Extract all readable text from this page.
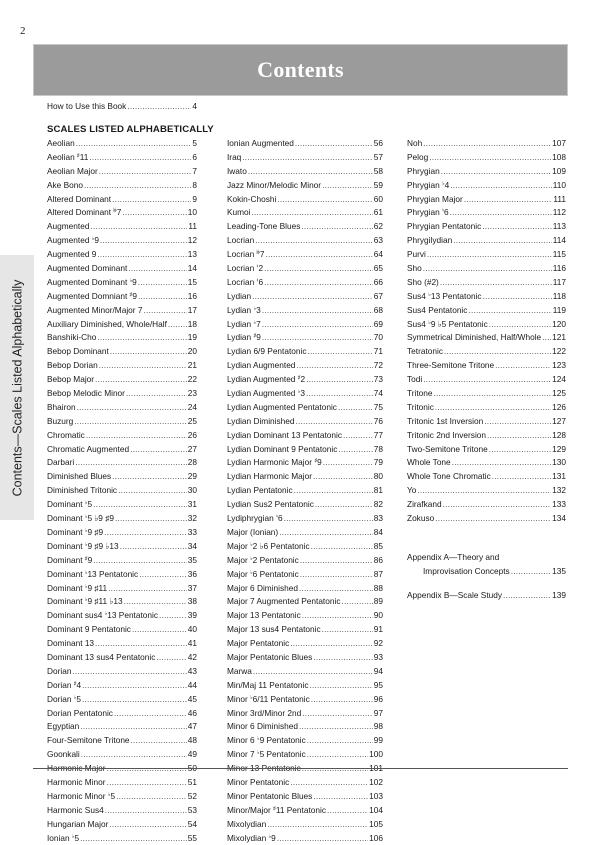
2
Contents
Contents—Scales Listed Alphabetically
How to Use this Book .....	4
SCALES LISTED ALPHABETICALLY
Aeolian .....	5
Aeolian ♯11 .....	6
Aeolian Major .....	7
Ake Bono .....	8
Altered Dominant .....	9
Altered Dominant 𝄫7 .....	10
Augmented .....	11
Augmented ♭9 .....	12
Augmented 9 .....	13
Augmented Dominant .....	14
Augmented Dominant ♭9 .....	15
Augmented Domniant ♯9 .....	16
Augmented Minor/Major 7 .....	17
Auxiliary Diminished, Whole/Half .....	18
Banshiki-Cho .....	19
Bebop Dominant .....	20
Bebop Dorian .....	21
Bebop Major .....	22
Bebop Melodic Minor .....	23
Bhairon .....	24
Buzurg .....	25
Chromatic .....	26
Chromatic Augmented .....	27
Darbari .....	28
Diminished Blues .....	29
Diminished Tritonic .....	30
Dominant ♭5 .....	31
Dominant ♭5 ♭9 ♯9 .....	32
Dominant ♭9 ♯9 .....	33
Dominant ♭9 ♯9 ♭13 .....	34
Dominant ♯9 .....	35
Dominant ♭13 Pentatonic .....	36
Dominant ♭9 ♯11 .....	37
Dominant ♭9 ♯11 ♭13 .....	38
Dominant sus4 ♭13 Pentatonic .....	39
Dominant 9 Pentatonic .....	40
Dominant 13 .....	41
Dominant 13 sus4 Pentatonic .....	42
Dorian .....	43
Dorian ♯4 .....	44
Dorian ♭5 .....	45
Dorian Pentatonic .....	46
Egyptian .....	47
Four-Semitone Tritone .....	48
Goonkali .....	49
Harmonic Major .....	50
Harmonic Minor .....	51
Harmonic Minor ♭5 .....	52
Harmonic Sus4 .....	53
Hungarian Major .....	54
Ionian ♭5 .....	55
Ionian Augmented .....	56
Iraq .....	57
Iwato .....	58
Jazz Minor/Melodic Minor .....	59
Kokin-Choshi .....	60
Kumoi .....	61
Leading-Tone Blues .....	62
Locrian .....	63
Locrian 𝄫7 .....	64
Locrian ♮2 .....	65
Locrian ♮6 .....	66
Lydian .....	67
Lydian ♭3 .....	68
Lydian ♭7 .....	69
Lydian ♯9 .....	70
Lydian 6/9 Pentatonic .....	71
Lydian Augmented .....	72
Lydian Augmented ♯2 .....	73
Lydian Augmented ♭3 .....	74
Lydian Augmented Pentatonic .....	75
Lydian Diminished .....	76
Lydian Dominant 13 Pentatonic .....	77
Lydian Dominant 9 Pentatonic .....	78
Lydian Harmonic Major ♯9 .....	79
Lydian Harmonic Major .....	80
Lydian Pentatonic .....	81
Lydian Sus2 Pentatonic .....	82
Lydiphrygian ♮6 .....	83
Major (Ionian) .....	84
Major ♭2 ♭6 Pentatonic .....	85
Major ♭2 Pentatonic .....	86
Major ♭6 Pentatonic .....	87
Major 6 Diminished .....	88
Major 7 Augmented Pentatonic .....	89
Major 13 Pentatonic .....	90
Major 13 sus4 Pentatonic .....	91
Major Pentatonic .....	92
Major Pentatonic Blues .....	93
Marwa .....	94
Min/Maj 11 Pentatonic .....	95
Minor ♭6/11 Pentatonic .....	96
Minor 3rd/Minor 2nd .....	97
Minor 6 Diminished .....	98
Minor 6 ♭9 Pentatonic .....	99
Minor 7 ♭5 Pentatonic .....	100
Minor 13 Pentatonic .....	101
Minor Pentatonic .....	102
Minor Pentatonic Blues .....	103
Minor/Major ♯11 Pentatonic .....	104
Mixolydian .....	105
Mixolydian ♭9 .....	106
Noh .....	107
Pelog .....	108
Phrygian .....	109
Phrygian ♭4 .....	110
Phrygian Major .....	111
Phrygian ♮6 .....	112
Phrygian Pentatonic .....	113
Phrygilydian .....	114
Purvi .....	115
Sho .....	116
Sho (#2) .....	117
Sus4 ♭13 Pentatonic .....	118
Sus4 Pentatonic .....	119
Sus4 ♭9 ♭5 Pentatonic .....	120
Symmetrical Diminished, Half/Whole ..... 121
Tetratonic .....	122
Three-Semitone Tritone .....	123
Todi .....	124
Tritone .....	125
Tritonic .....	126
Tritonic 1st Inversion .....	127
Tritonic 2nd Inversion .....	128
Two-Semitone Tritone .....	129
Whole Tone .....	130
Whole Tone Chromatic .....	131
Yo .....	132
Zirafkand .....	133
Zokuso .....	134
Appendix A—Theory and
Improvisation Concepts .....	135
Appendix B—Scale Study .....	139
